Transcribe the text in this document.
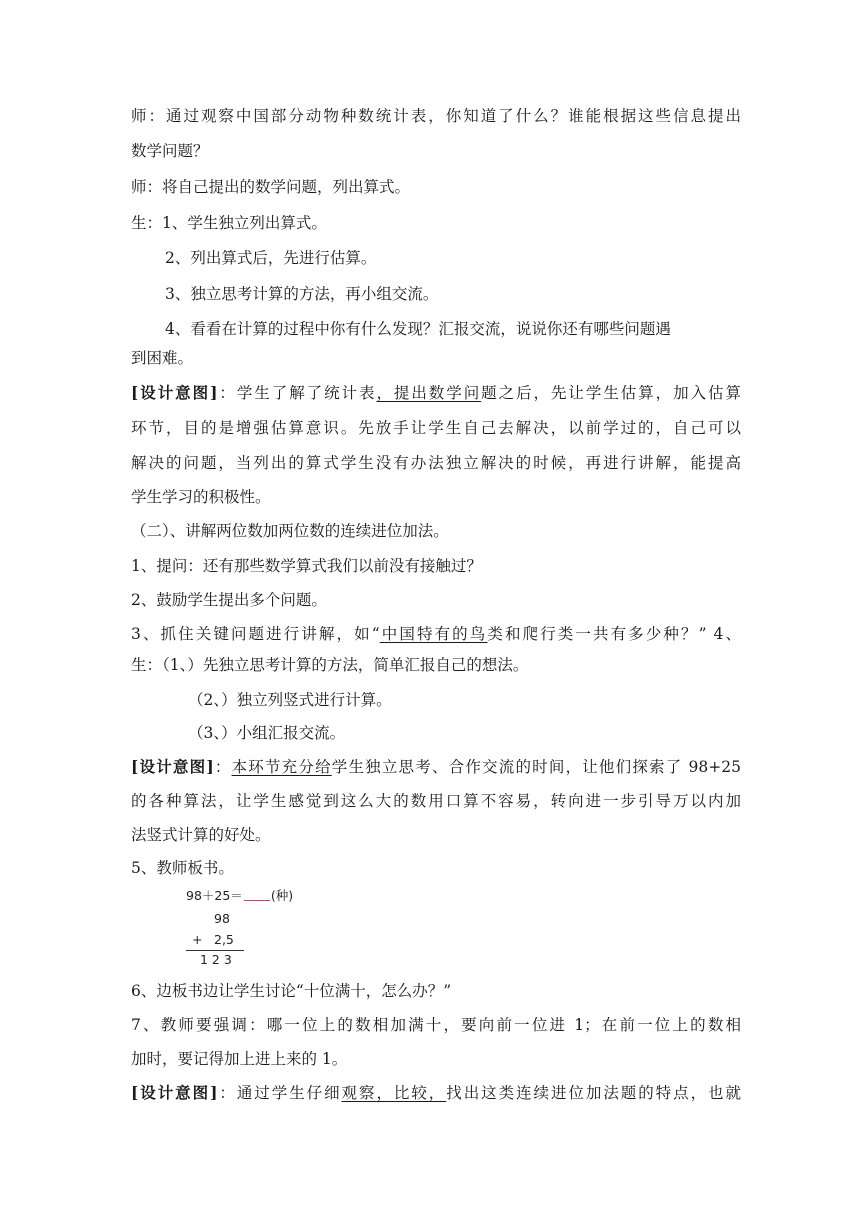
师：通过观察中国部分动物种数统计表，你知道了什么？谁能根据这些信息提出
数学问题？
师：将自己提出的数学问题，列出算式。
生：1、学生独立列出算式。
2、列出算式后，先进行估算。
3、独立思考计算的方法，再小组交流。
4、看看在计算的过程中你有什么发现？汇报交流，说说你还有哪些问题遇
到困难。
[设计意图]：学生了解了统计表，提出数学问题之后，先让学生估算，加入估算
环节，目的是增强估算意识。先放手让学生自己去解决，以前学过的，自己可以
解决的问题，当列出的算式学生没有办法独立解决的时候，再进行讲解，能提高
学生学习的积极性。
（二）、讲解两位数加两位数的连续进位加法。
1、提问：还有那些数学算式我们以前没有接触过？
2、鼓励学生提出多个问题。
3、抓住关键问题进行讲解，如“中国特有的鸟类和爬行类一共有多少种？” 4、
生：（1、）先独立思考计算的方法，简单汇报自己的想法。
（2、）独立列竖式进行计算。
（3、）小组汇报交流。
[设计意图]：本环节充分给学生独立思考、合作交流的时间，让他们探索了 98+25
的各种算法，让学生感觉到这么大的数用口算不容易，转向进一步引导万以内加
法竖式计算的好处。
5、教师板书。
98＋25＝ (种)
98
+ 2,5
1 2 3
6、边板书边让学生讨论“十位满十，怎么办？”
7、教师要强调：哪一位上的数相加满十，要向前一位进 1；在前一位上的数相
加时，要记得加上进上来的 1。
[设计意图]：通过学生仔细观察，比较，找出这类连续进位加法题的特点，也就
